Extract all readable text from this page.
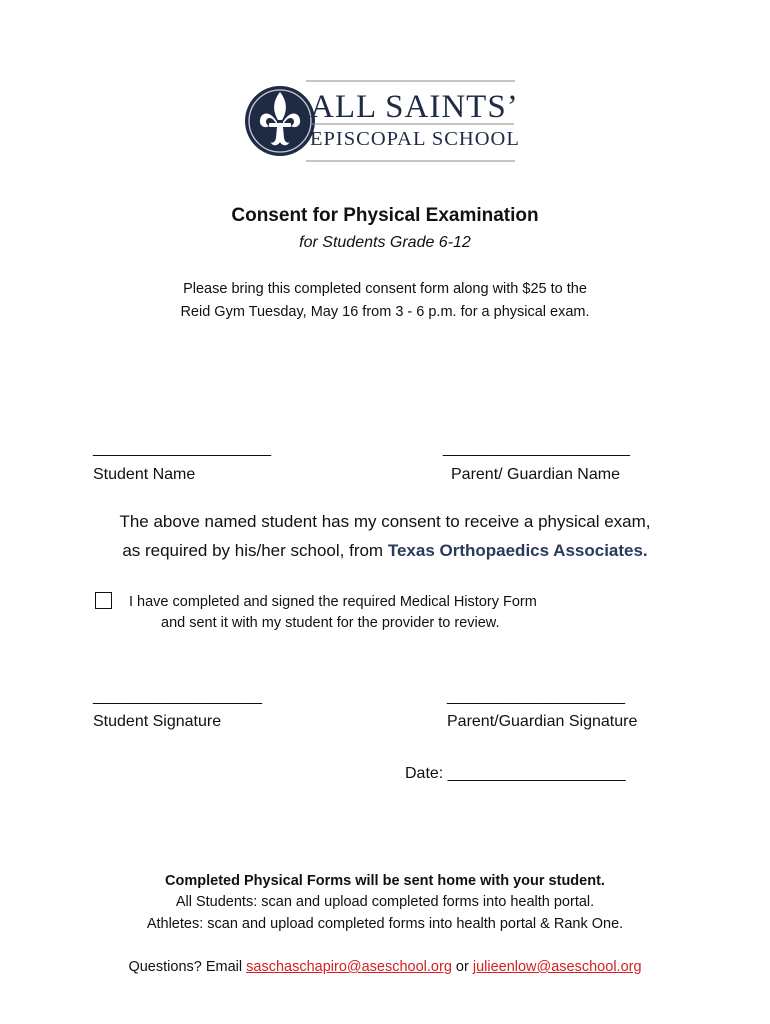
ALL SAINTS’
EPISCOPAL SCHOOL
Consent for Physical Examination
for Students Grade 6-12
Please bring this completed consent form along with $25 to the
Reid Gym Tuesday, May 16 from 3 - 6 p.m. for a physical exam.
____________________
Student Name
_____________________
Parent/ Guardian Name
The above named student has my consent to receive a physical exam,
as required by his/her school, from Texas Orthopaedics Associates.
I have completed and signed the required Medical History Form
and sent it with my student for the provider to review.
___________________
Student Signature
____________________
Parent/Guardian Signature
Date: ____________________
Completed Physical Forms will be sent home with your student.
All Students: scan and upload completed forms into health portal.
Athletes: scan and upload completed forms into health portal & Rank One.
Questions? Email saschaschapiro@aseschool.org or julieenlow@aseschool.org
